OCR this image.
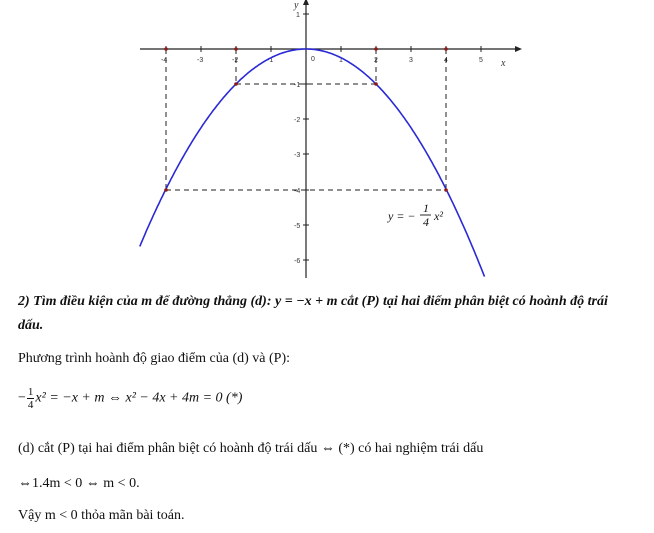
y
x
0
-4	-3	-2	-1	1	2	3	4	5
1
-1
-2
-3
-4
-5
-6
y = −
1
4 x²
2) Tìm điều kiện của m để đường thẳng (d): y = −x + m cắt (P) tại hai điểm phân biệt có hoành độ trái
dấu.
Phương trình hoành độ giao điểm của (d) và (P):
− $\frac{1}{4} x^2 = -x + m$ ⇔ x² − 4x + 4m = 0 (*)
(d) cắt (P) tại hai điểm phân biệt có hoành độ trái dấu ⇔ (*) có hai nghiệm trái dấu
⇔1.4m < 0 ⇔ m < 0.
Vậy m < 0 thỏa mãn bài toán.
